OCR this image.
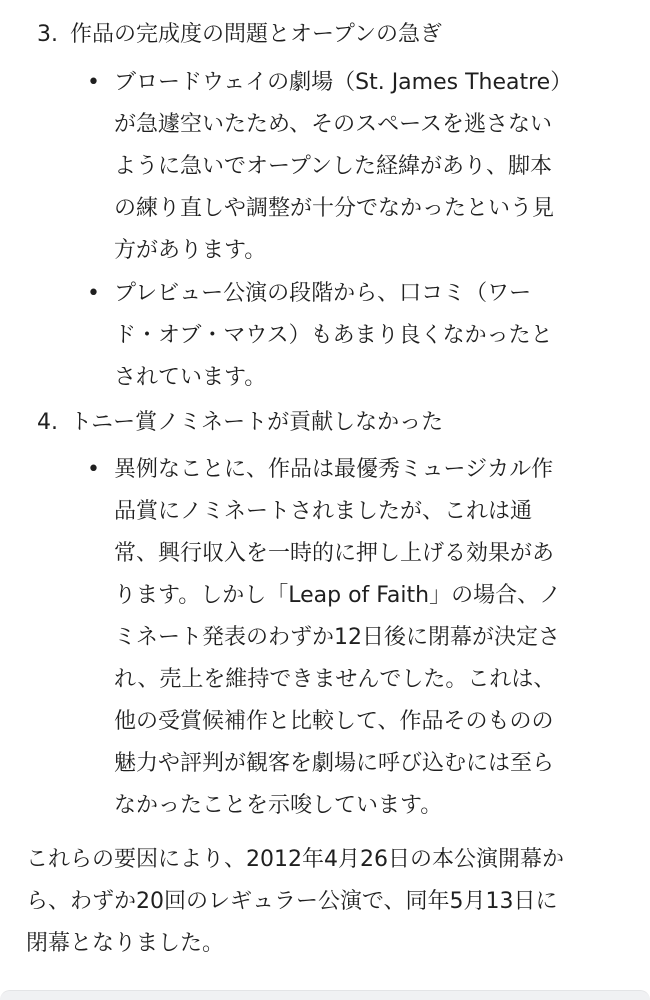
3. 作品の完成度の問題とオープンの急ぎ
• ブロードウェイの劇場（St. James Theatre）
が急遽空いたため、そのスペースを逃さない
ように急いでオープンした経緯があり、脚本
の練り直しや調整が十分でなかったという見
方があります。
• プレビュー公演の段階から、口コミ（ワー
ド・オブ・マウス）もあまり良くなかったと
されています。
4. トニー賞ノミネートが貢献しなかった
• 異例なことに、作品は最優秀ミュージカル作
品賞にノミネートされましたが、これは通
常、興行収入を一時的に押し上げる効果があ
ります。しかし「Leap of Faith」の場合、ノ
ミネート発表のわずか12日後に閉幕が決定さ
れ、売上を維持できませんでした。これは、
他の受賞候補作と比較して、作品そのものの
魅力や評判が観客を劇場に呼び込むには至ら
なかったことを示唆しています。
これらの要因により、2012年4月26日の本公演開幕か
ら、わずか20回のレギュラー公演で、同年5月13日に
閉幕となりました。
